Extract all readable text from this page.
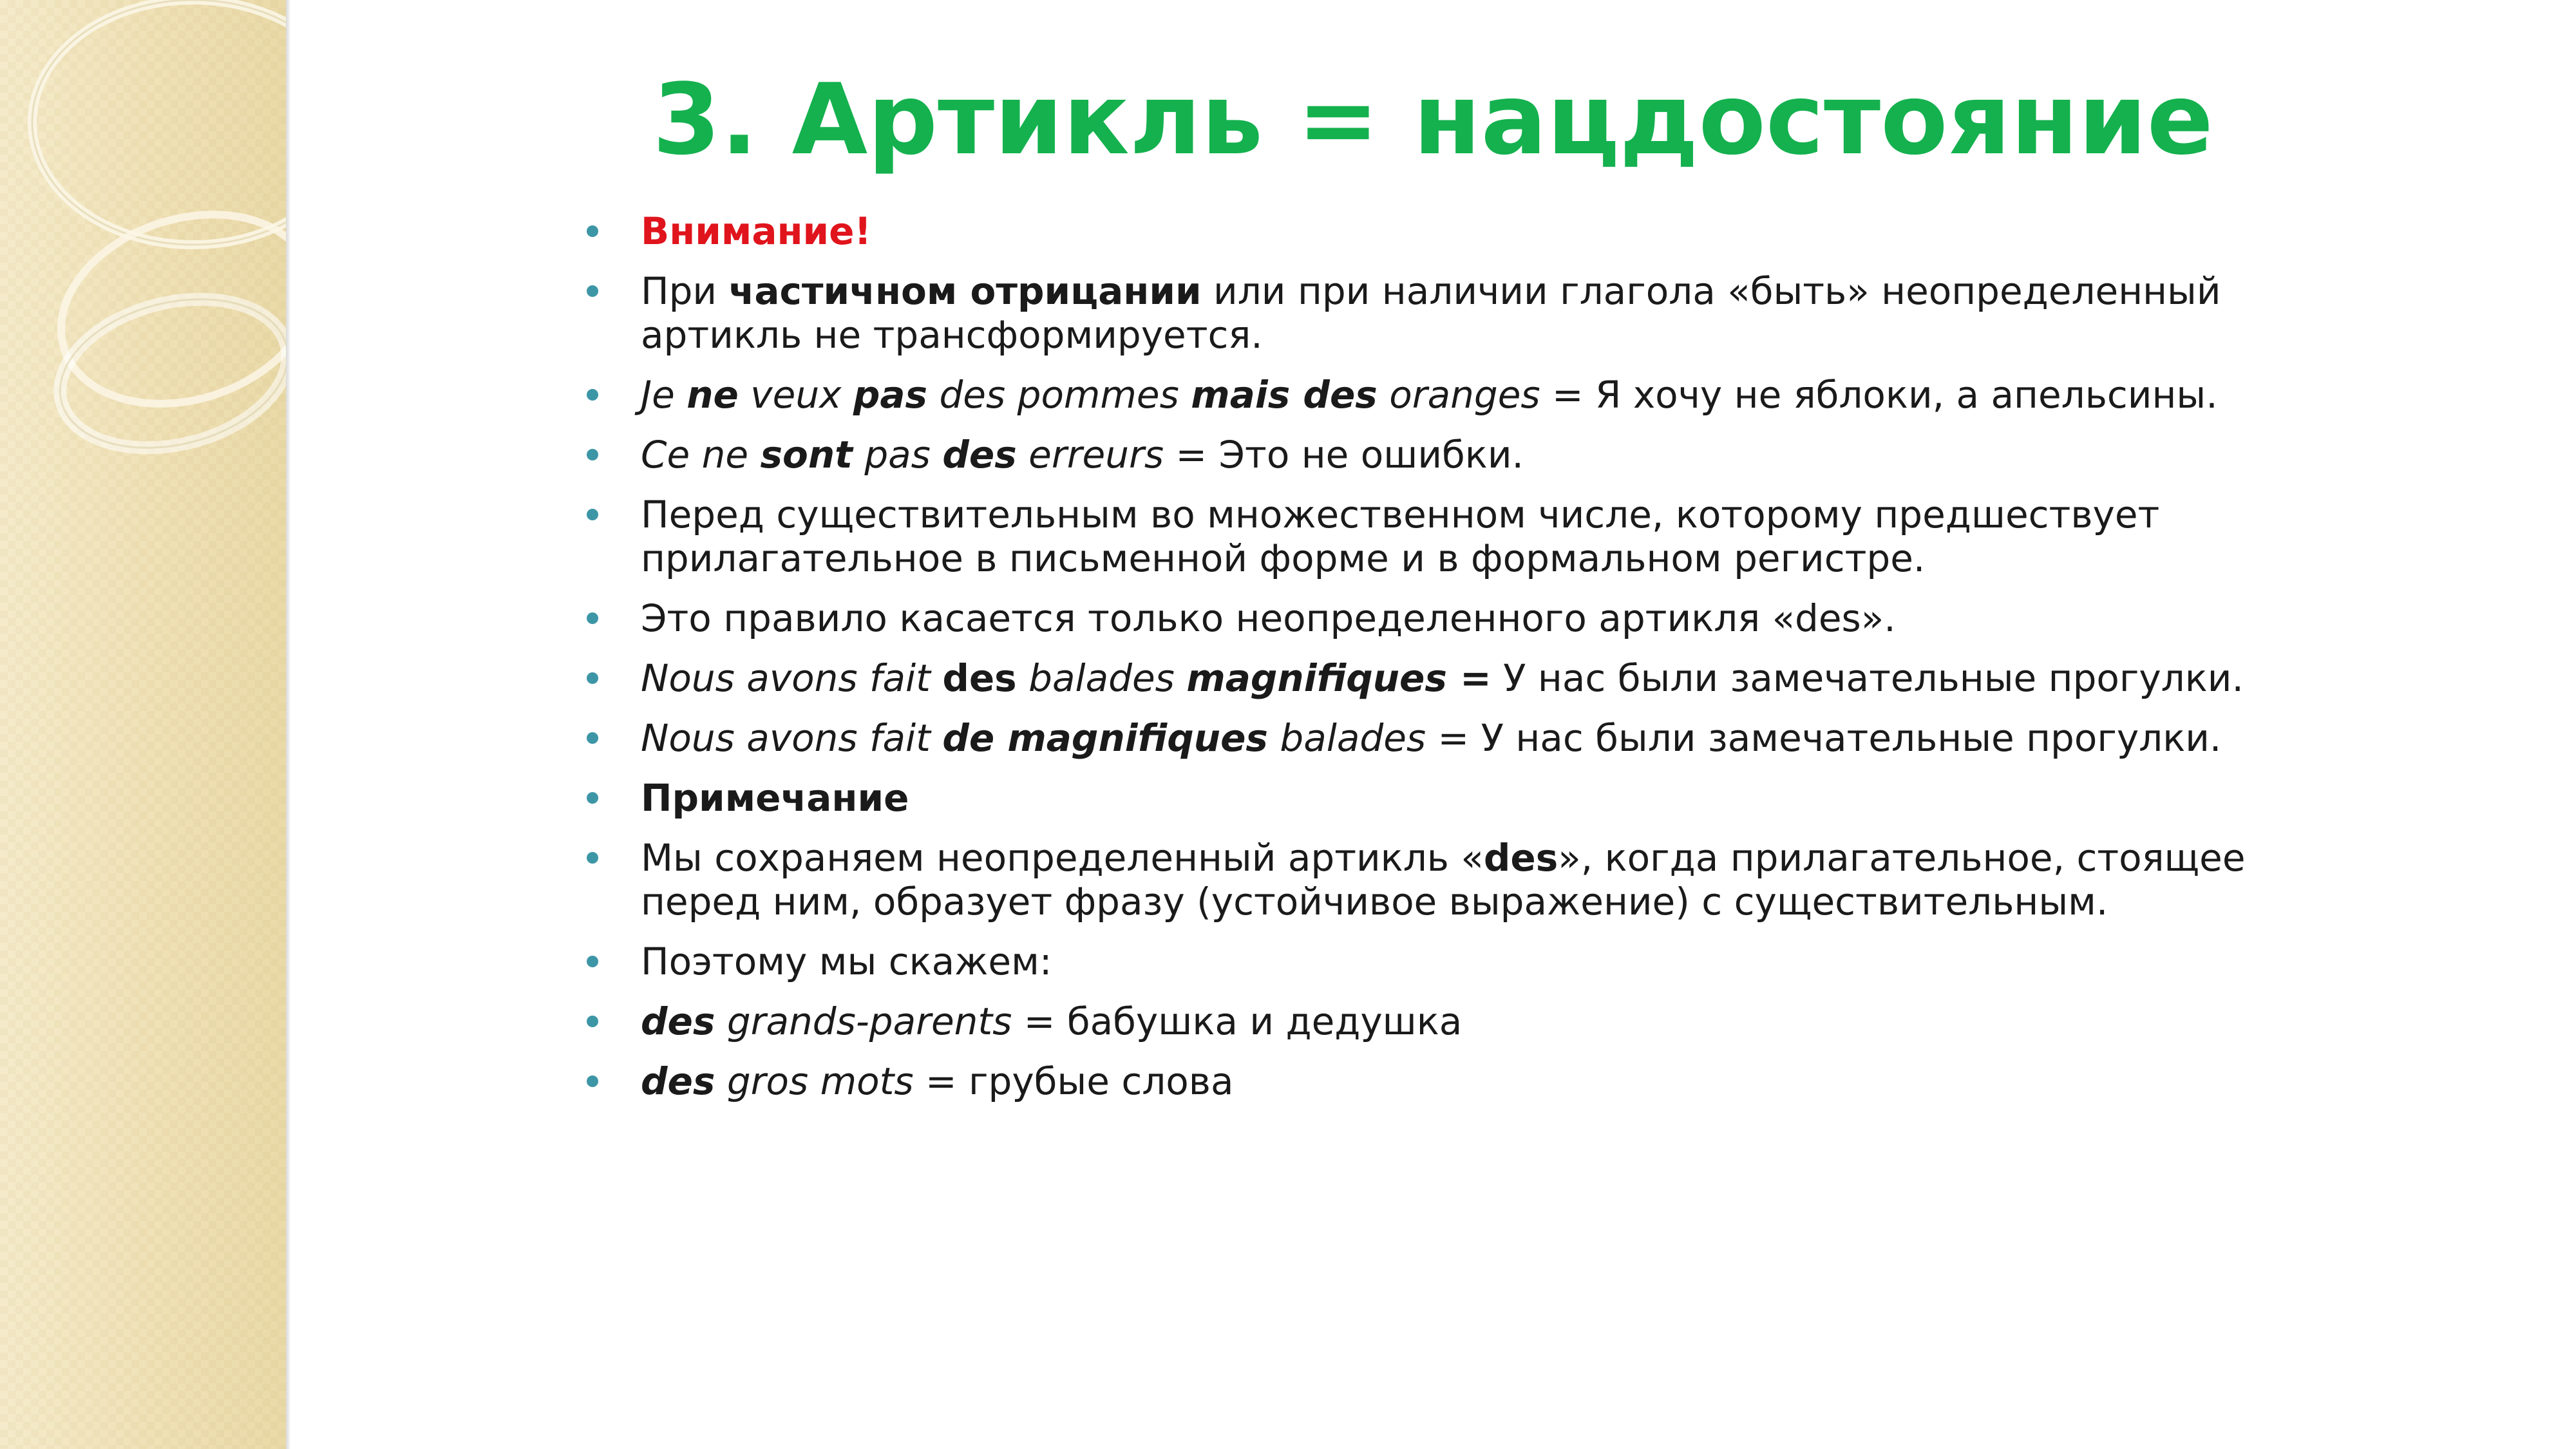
3. Артикль = нацдостояние
Внимание!
При частичном отрицании или при наличии глагола «быть» неопределенный артикль не трансформируется.
Je ne veux pas des pommes mais des oranges = Я хочу не яблоки, а апельсины.
Ce ne sont pas des erreurs = Это не ошибки.
Перед существительным во множественном числе, которому предшествует прилагательное в письменной форме и в формальном регистре.
Это правило касается только неопределенного артикля «des».
Nous avons fait des balades magnifiques = У нас были замечательные прогулки.
Nous avons fait de magnifiques balades = У нас были замечательные прогулки.
Примечание
Мы сохраняем неопределенный артикль «des», когда прилагательное, стоящее перед ним, образует фразу (устойчивое выражение) с существительным.
Поэтому мы скажем:
des grands-parents = бабушка и дедушка
des gros mots = грубые слова
